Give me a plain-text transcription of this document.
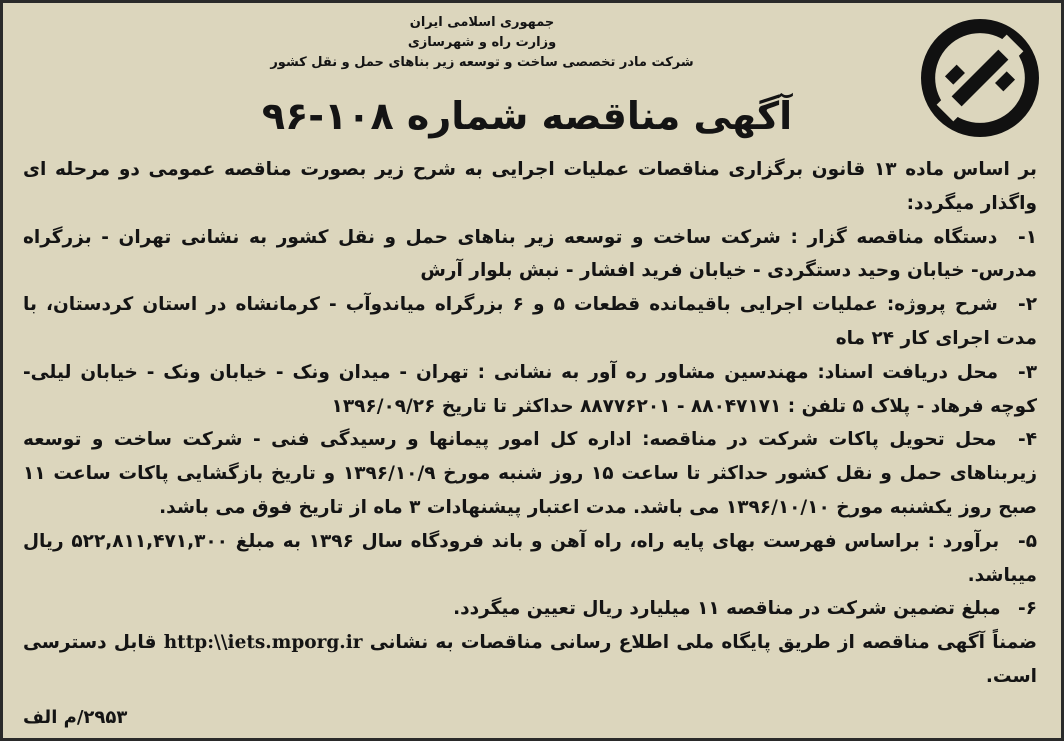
جمهوری اسلامی ایران
وزارت راه و شهرسازی
شرکت مادر تخصصی ساخت و توسعه زیر بناهای حمل و نقل کشور
آگهی مناقصه شماره ۱۰۸-۹۶

بر اساس ماده ۱۳ قانون برگزاری مناقصات عملیات اجرایی به شرح زیر بصورت مناقصه عمومی دو مرحله ای واگذار میگردد:

۱- دستگاه مناقصه گزار : شرکت ساخت و توسعه زیر بناهای حمل و نقل کشور به نشانی تهران - بزرگراه مدرس- خیابان وحید دستگردی - خیابان فرید افشار - نبش بلوار آرش

۲- شرح پروژه: عملیات اجرایی باقیمانده قطعات ۵ و ۶ بزرگراه میاندوآب - کرمانشاه در استان کردستان، با مدت اجرای کار ۲۴ ماه

۳- محل دریافت اسناد: مهندسین مشاور ره آور به نشانی : تهران - میدان ونک - خیابان ونک - خیابان لیلی- کوچه فرهاد - پلاک ۵ تلفن : ۸۸۰۴۷۱۷۱ - ۸۸۷۷۶۲۰۱ حداکثر تا تاریخ ۱۳۹۶/۰۹/۲۶

۴- محل تحویل پاکات شرکت در مناقصه: اداره کل امور پیمانها و رسیدگی فنی - شرکت ساخت و توسعه زیربناهای حمل و نقل کشور حداکثر تا ساعت ۱۵ روز شنبه مورخ ۱۳۹۶/۱۰/۹ و تاریخ بازگشایی پاکات ساعت ۱۱ صبح روز یکشنبه مورخ ۱۳۹۶/۱۰/۱۰ می باشد. مدت اعتبار پیشنهادات ۳ ماه از تاریخ فوق می باشد.

۵- برآورد : براساس فهرست بهای پایه راه، راه آهن و باند فرودگاه سال ۱۳۹۶ به مبلغ ۵۲۲,۸۱۱,۴۷۱,۳۰۰ ریال میباشد.

۶- مبلغ تضمین شرکت در مناقصه ۱۱ میلیارد ریال تعیین میگردد.

ضمناً آگهی مناقصه از طریق پایگاه ملی اطلاع رسانی مناقصات به نشانی http:\\iets.mporg.ir قابل دسترسی است.

۲۹۵۳/م الف
